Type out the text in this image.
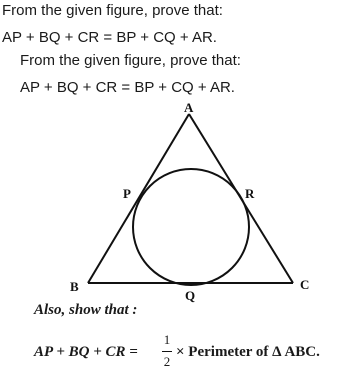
From the given figure, prove that:
AP + BQ + CR = BP + CQ + AR.
From the given figure, prove that:
AP + BQ + CR = BP + CQ + AR.
A
P	R
B
Q
C
Also, show that :
AP + BQ + CR =
1
2
× Perimeter of Δ ABC.
